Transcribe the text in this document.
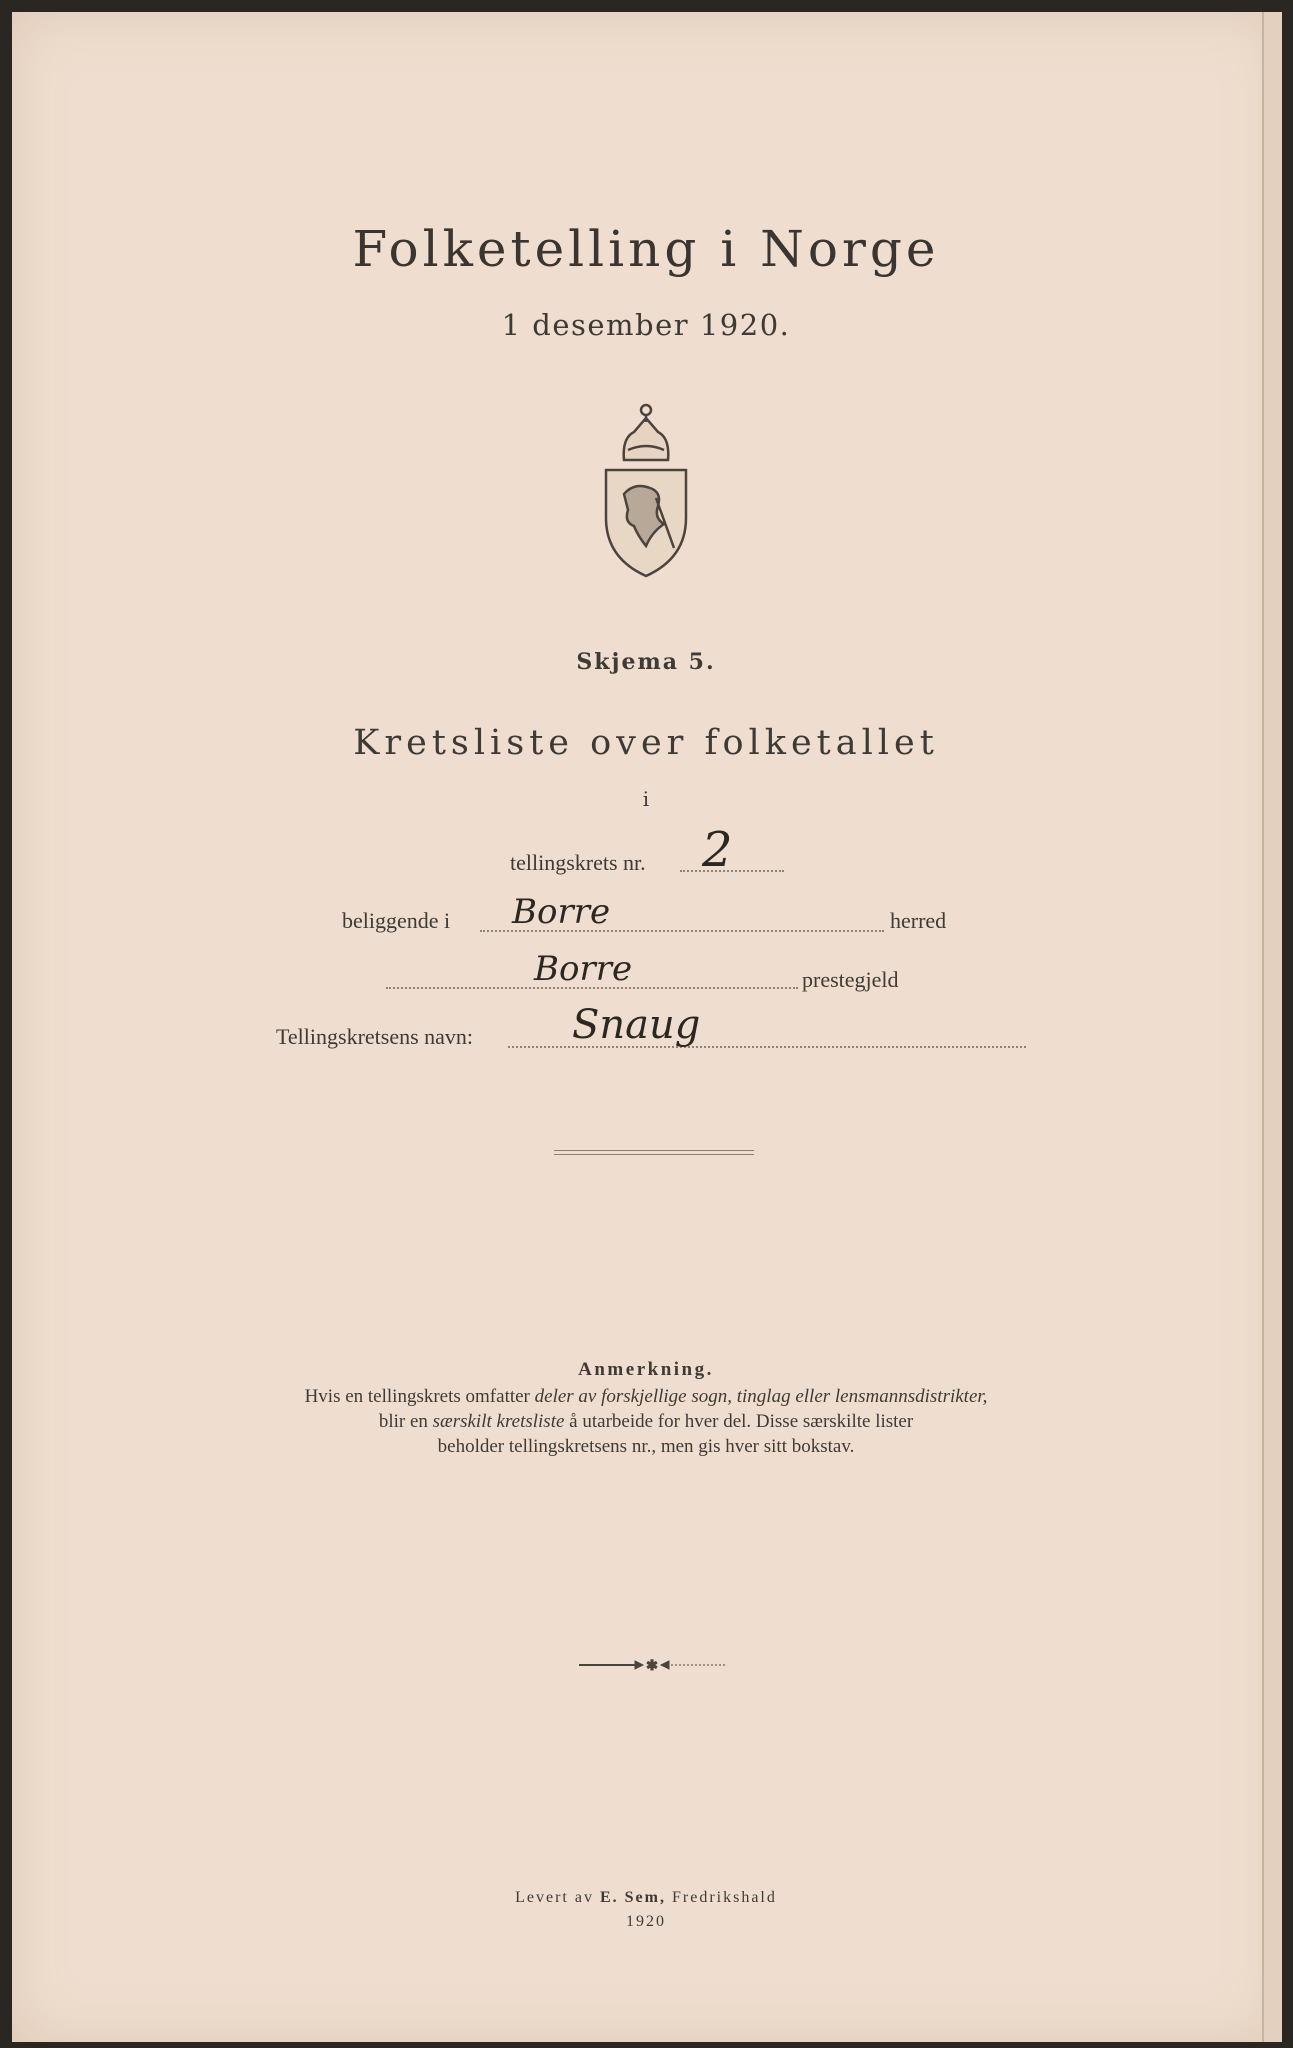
Folketelling i Norge
1 desember 1920.
Skjema 5.
Kretsliste over folketallet
i
tellingskrets nr. 2
beliggende i Borre	herred
Borre	prestegjeld
Tellingskretsens navn: Snaug
Anmerkning.
Hvis en tellingskrets omfatter deler av forskjellige sogn, tinglag eller lensmannsdistrikter,
blir en særskilt kretsliste å utarbeide for hver del. Disse særskilte lister
beholder tellingskretsens nr., men gis hver sitt bokstav.
✱
Levert av E. Sem, Fredrikshald
1920
